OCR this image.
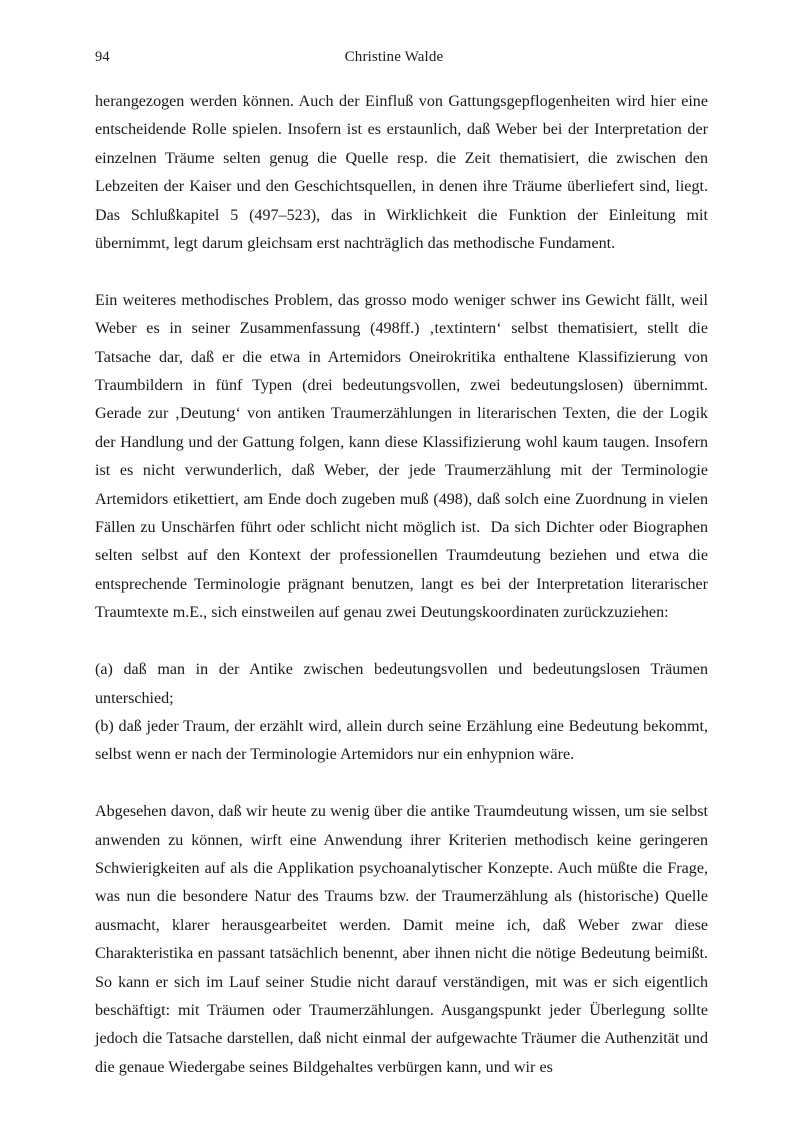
94	Christine Walde

herangezogen werden können. Auch der Einfluß von Gattungsgepflogenheiten wird hier eine entscheidende Rolle spielen. Insofern ist es erstaunlich, daß Weber bei der Interpretation der einzelnen Träume selten genug die Quelle resp. die Zeit thematisiert, die zwischen den Lebzeiten der Kaiser und den Geschichtsquellen, in denen ihre Träume überliefert sind, liegt. Das Schlußkapitel 5 (497–523), das in Wirklichkeit die Funktion der Einleitung mit übernimmt, legt darum gleichsam erst nachträglich das methodische Fundament.

Ein weiteres methodisches Problem, das grosso modo weniger schwer ins Gewicht fällt, weil Weber es in seiner Zusammenfassung (498ff.) ‚textintern‘ selbst thematisiert, stellt die Tatsache dar, daß er die etwa in Artemidors Oneirokritika enthaltene Klassifizierung von Traumbildern in fünf Typen (drei bedeutungsvollen, zwei bedeutungslosen) übernimmt. Gerade zur ‚Deutung‘ von antiken Traumerzählungen in literarischen Texten, die der Logik der Handlung und der Gattung folgen, kann diese Klassifizierung wohl kaum taugen. Insofern ist es nicht verwunderlich, daß Weber, der jede Traumerzählung mit der Terminologie Artemidors etikettiert, am Ende doch zugeben muß (498), daß solch eine Zuordnung in vielen Fällen zu Unschärfen führt oder schlicht nicht möglich ist.  Da sich Dichter oder Biographen selten selbst auf den Kontext der professionellen Traumdeutung beziehen und etwa die entsprechende Terminologie prägnant benutzen, langt es bei der Interpretation literarischer Traumtexte m.E., sich einstweilen auf genau zwei Deutungskoordinaten zurückzuziehen:

(a) daß man in der Antike zwischen bedeutungsvollen und bedeutungslosen Träumen unterschied;
(b) daß jeder Traum, der erzählt wird, allein durch seine Erzählung eine Bedeutung bekommt, selbst wenn er nach der Terminologie Artemidors nur ein enhypnion wäre.

Abgesehen davon, daß wir heute zu wenig über die antike Traumdeutung wissen, um sie selbst anwenden zu können, wirft eine Anwendung ihrer Kriterien methodisch keine geringeren Schwierigkeiten auf als die Applikation psychoanalytischer Konzepte. Auch müßte die Frage, was nun die besondere Natur des Traums bzw. der Traumerzählung als (historische) Quelle ausmacht, klarer herausgearbeitet werden. Damit meine ich, daß Weber zwar diese Charakteristika en passant tatsächlich benennt, aber ihnen nicht die nötige Bedeutung beimißt. So kann er sich im Lauf seiner Studie nicht darauf verständigen, mit was er sich eigentlich beschäftigt: mit Träumen oder Traumerzählungen. Ausgangspunkt jeder Überlegung sollte jedoch die Tatsache darstellen, daß nicht einmal der aufgewachte Träumer die Authenzität und die genaue Wiedergabe seines Bildgehaltes verbürgen kann, und wir es
